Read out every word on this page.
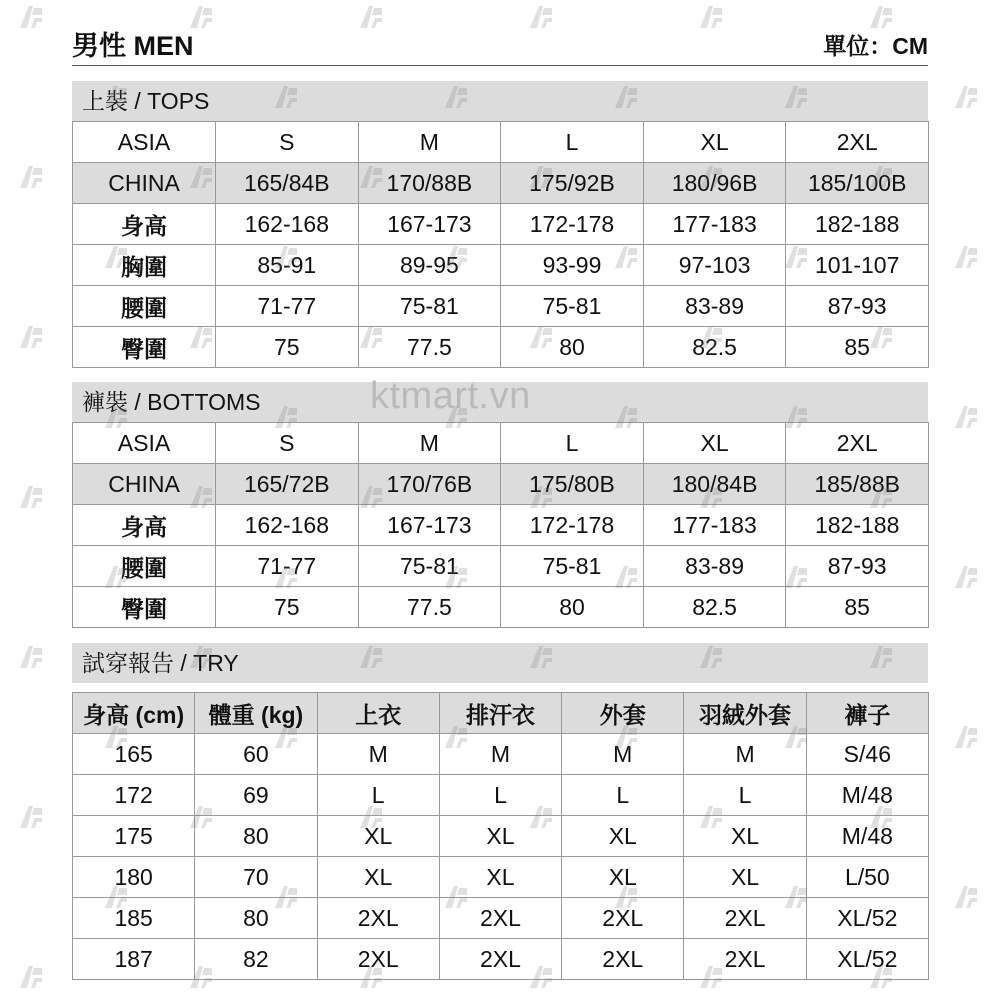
男性 MEN	單位：CM
上裝 / TOPS
ASIA	S	M	L	XL	2XL
CHINA	165/84B	170/88B	175/92B	180/96B	185/100B
身高	162-168	167-173	172-178	177-183	182-188
胸圍	85-91	89-95	93-99	97-103	101-107
腰圍	71-77	75-81	75-81	83-89	87-93
臀圍	75	77.5	80	82.5	85
褲裝 / BOTTOMS
ASIA	S	M	L	XL	2XL
CHINA	165/72B	170/76B	175/80B	180/84B	185/88B
身高	162-168	167-173	172-178	177-183	182-188
腰圍	71-77	75-81	75-81	83-89	87-93
臀圍	75	77.5	80	82.5	85
試穿報告 / TRY
身高 (cm)	體重 (kg)	上衣	排汗衣	外套	羽絨外套	褲子
165	60	M	M	M	M	S/46
172	69	L	L	L	L	M/48
175	80	XL	XL	XL	XL	M/48
180	70	XL	XL	XL	XL	L/50
185	80	2XL	2XL	2XL	2XL	XL/52
187	82	2XL	2XL	2XL	2XL	XL/52
ktmart.vn
